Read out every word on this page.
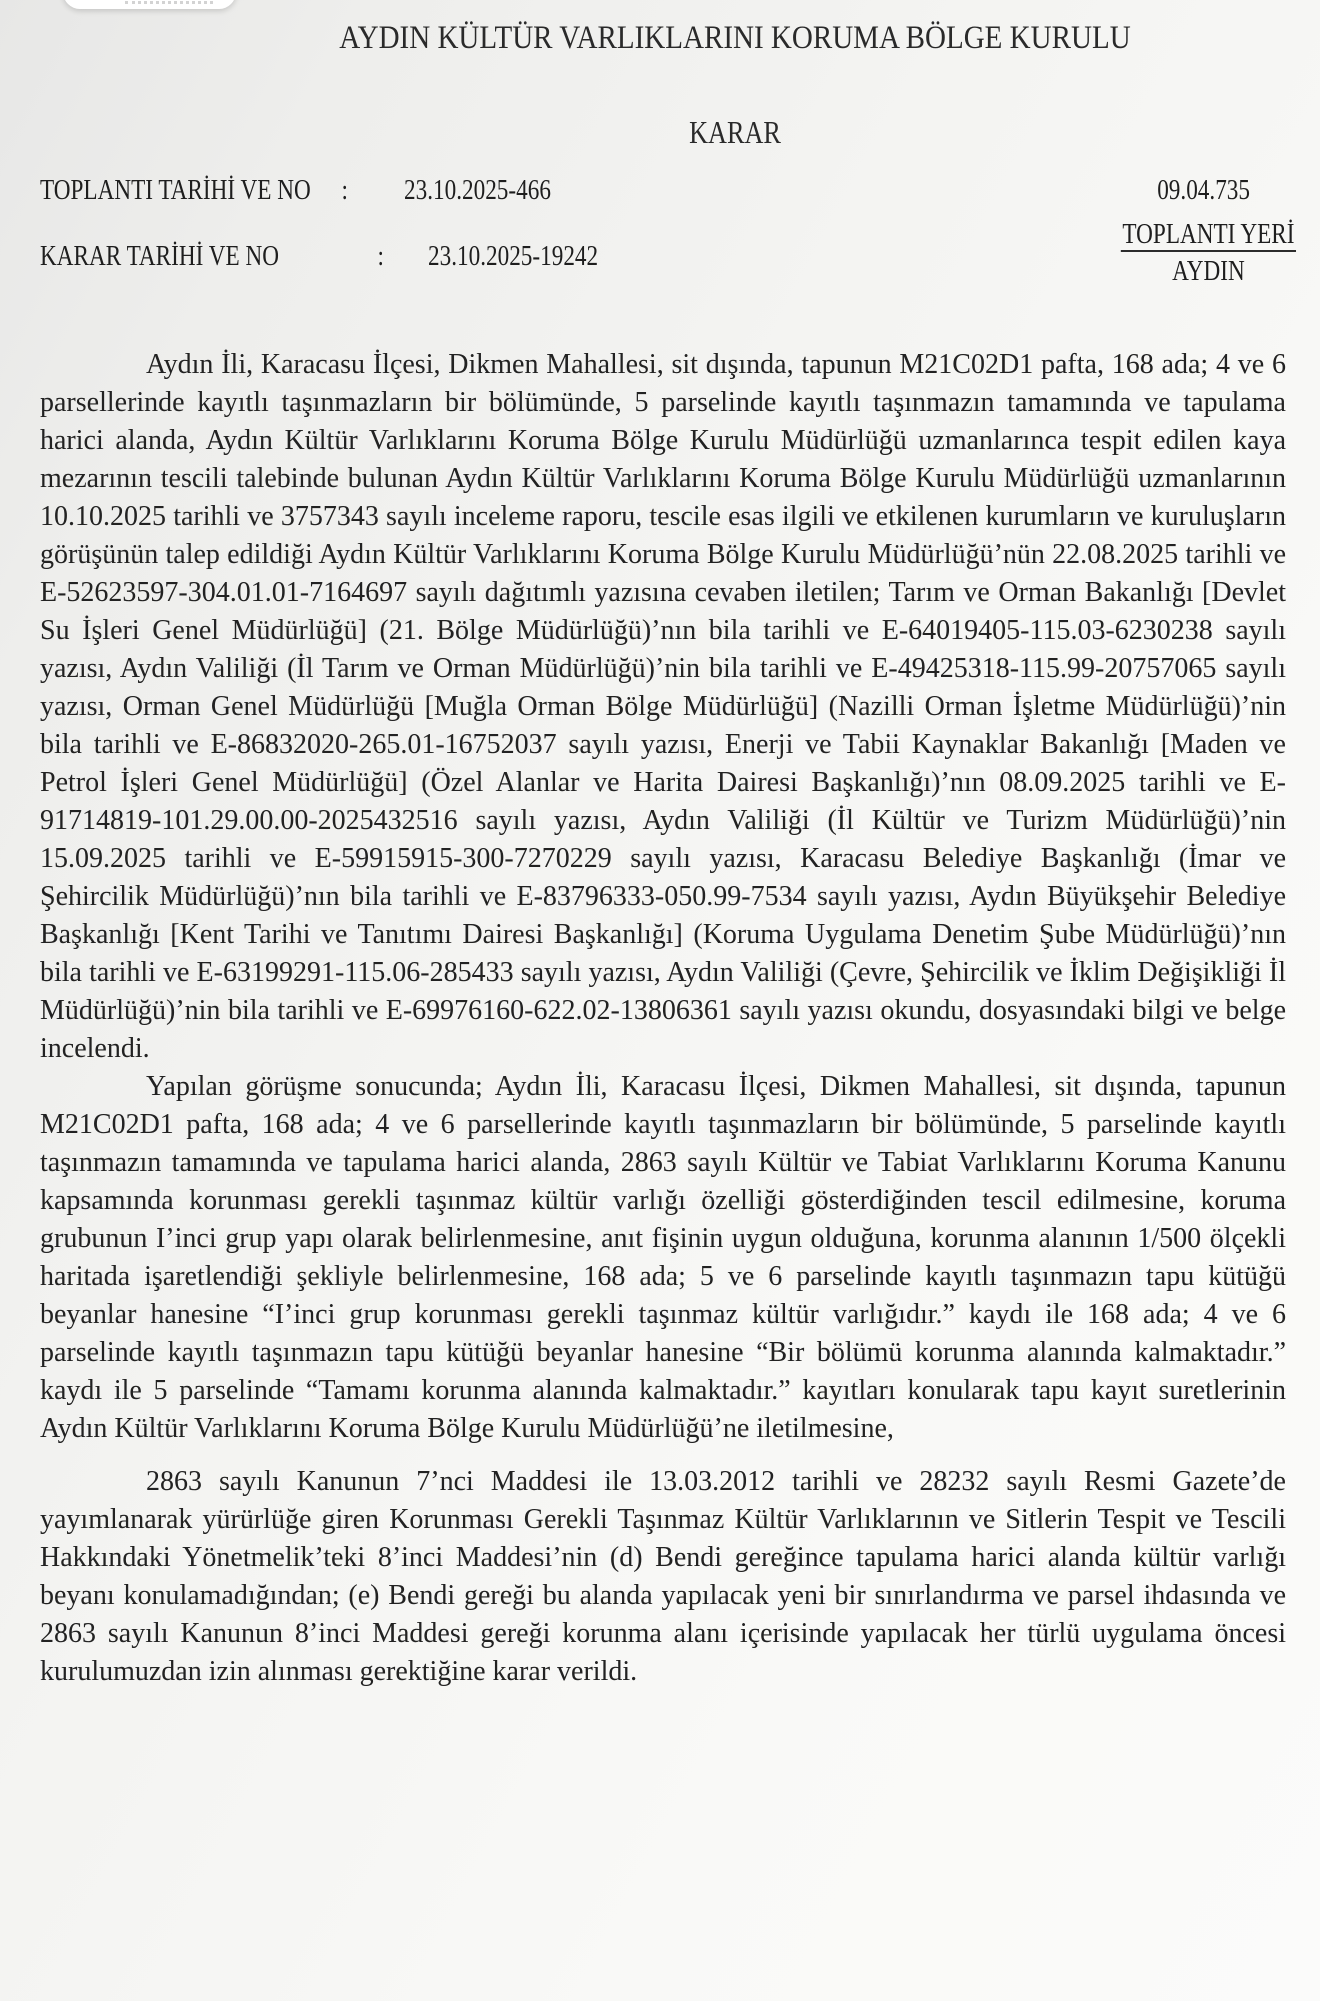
AYDIN KÜLTÜR VARLIKLARINI KORUMA BÖLGE KURULU
KARAR
TOPLANTI TARİHİ VE NO : 23.10.2025-466
KARAR TARİHİ VE NO	: 23.10.2025-19242
09.04.735
TOPLANTI YERİ
AYDIN

Aydın İli, Karacasu İlçesi, Dikmen Mahallesi, sit dışında, tapunun M21C02D1 pafta, 168 ada; 4 ve 6 parsellerinde kayıtlı taşınmazların bir bölümünde, 5 parselinde kayıtlı taşınmazın tamamında ve tapulama harici alanda, Aydın Kültür Varlıklarını Koruma Bölge Kurulu Müdürlüğü uzmanlarınca tespit edilen kaya mezarının tescili talebinde bulunan Aydın Kültür Varlıklarını Koruma Bölge Kurulu Müdürlüğü uzmanlarının 10.10.2025 tarihli ve 3757343 sayılı inceleme raporu, tescile esas ilgili ve etkilenen kurumların ve kuruluşların görüşünün talep edildiği Aydın Kültür Varlıklarını Koruma Bölge Kurulu Müdürlüğü’nün 22.08.2025 tarihli ve E-52623597-304.01.01-7164697 sayılı dağıtımlı yazısına cevaben iletilen; Tarım ve Orman Bakanlığı [Devlet Su İşleri Genel Müdürlüğü] (21. Bölge Müdürlüğü)’nın bila tarihli ve E-64019405-115.03-6230238 sayılı yazısı, Aydın Valiliği (İl Tarım ve Orman Müdürlüğü)’nin bila tarihli ve E-49425318-115.99-20757065 sayılı yazısı, Orman Genel Müdürlüğü [Muğla Orman Bölge Müdürlüğü] (Nazilli Orman İşletme Müdürlüğü)’nin bila tarihli ve E-86832020-265.01-16752037 sayılı yazısı, Enerji ve Tabii Kaynaklar Bakanlığı [Maden ve Petrol İşleri Genel Müdürlüğü] (Özel Alanlar ve Harita Dairesi Başkanlığı)’nın 08.09.2025 tarihli ve E-91714819-101.29.00.00-2025432516 sayılı yazısı, Aydın Valiliği (İl Kültür ve Turizm Müdürlüğü)’nin 15.09.2025 tarihli ve E-59915915-300-7270229 sayılı yazısı, Karacasu Belediye Başkanlığı (İmar ve Şehircilik Müdürlüğü)’nın bila tarihli ve E-83796333-050.99-7534 sayılı yazısı, Aydın Büyükşehir Belediye Başkanlığı [Kent Tarihi ve Tanıtımı Dairesi Başkanlığı] (Koruma Uygulama Denetim Şube Müdürlüğü)’nın bila tarihli ve E-63199291-115.06-285433 sayılı yazısı, Aydın Valiliği (Çevre, Şehircilik ve İklim Değişikliği İl Müdürlüğü)’nin bila tarihli ve E-69976160-622.02-13806361 sayılı yazısı okundu, dosyasındaki bilgi ve belge incelendi.

Yapılan görüşme sonucunda; Aydın İli, Karacasu İlçesi, Dikmen Mahallesi, sit dışında, tapunun M21C02D1 pafta, 168 ada; 4 ve 6 parsellerinde kayıtlı taşınmazların bir bölümünde, 5 parselinde kayıtlı taşınmazın tamamında ve tapulama harici alanda, 2863 sayılı Kültür ve Tabiat Varlıklarını Koruma Kanunu kapsamında korunması gerekli taşınmaz kültür varlığı özelliği gösterdiğinden tescil edilmesine, koruma grubunun I’inci grup yapı olarak belirlenmesine, anıt fişinin uygun olduğuna, korunma alanının 1/500 ölçekli haritada işaretlendiği şekliyle belirlenmesine, 168 ada; 5 ve 6 parselinde kayıtlı taşınmazın tapu kütüğü beyanlar hanesine “I’inci grup korunması gerekli taşınmaz kültür varlığıdır.” kaydı ile 168 ada; 4 ve 6 parselinde kayıtlı taşınmazın tapu kütüğü beyanlar hanesine “Bir bölümü korunma alanında kalmaktadır.” kaydı ile 5 parselinde “Tamamı korunma alanında kalmaktadır.” kayıtları konularak tapu kayıt suretlerinin Aydın Kültür Varlıklarını Koruma Bölge Kurulu Müdürlüğü’ne iletilmesine,

2863 sayılı Kanunun 7’nci Maddesi ile 13.03.2012 tarihli ve 28232 sayılı Resmi Gazete’de yayımlanarak yürürlüğe giren Korunması Gerekli Taşınmaz Kültür Varlıklarının ve Sitlerin Tespit ve Tescili Hakkındaki Yönetmelik’teki 8’inci Maddesi’nin (d) Bendi gereğince tapulama harici alanda kültür varlığı beyanı konulamadığından; (e) Bendi gereği bu alanda yapılacak yeni bir sınırlandırma ve parsel ihdasında ve 2863 sayılı Kanunun 8’inci Maddesi gereği korunma alanı içerisinde yapılacak her türlü uygulama öncesi kurulumuzdan izin alınması gerektiğine karar verildi.
